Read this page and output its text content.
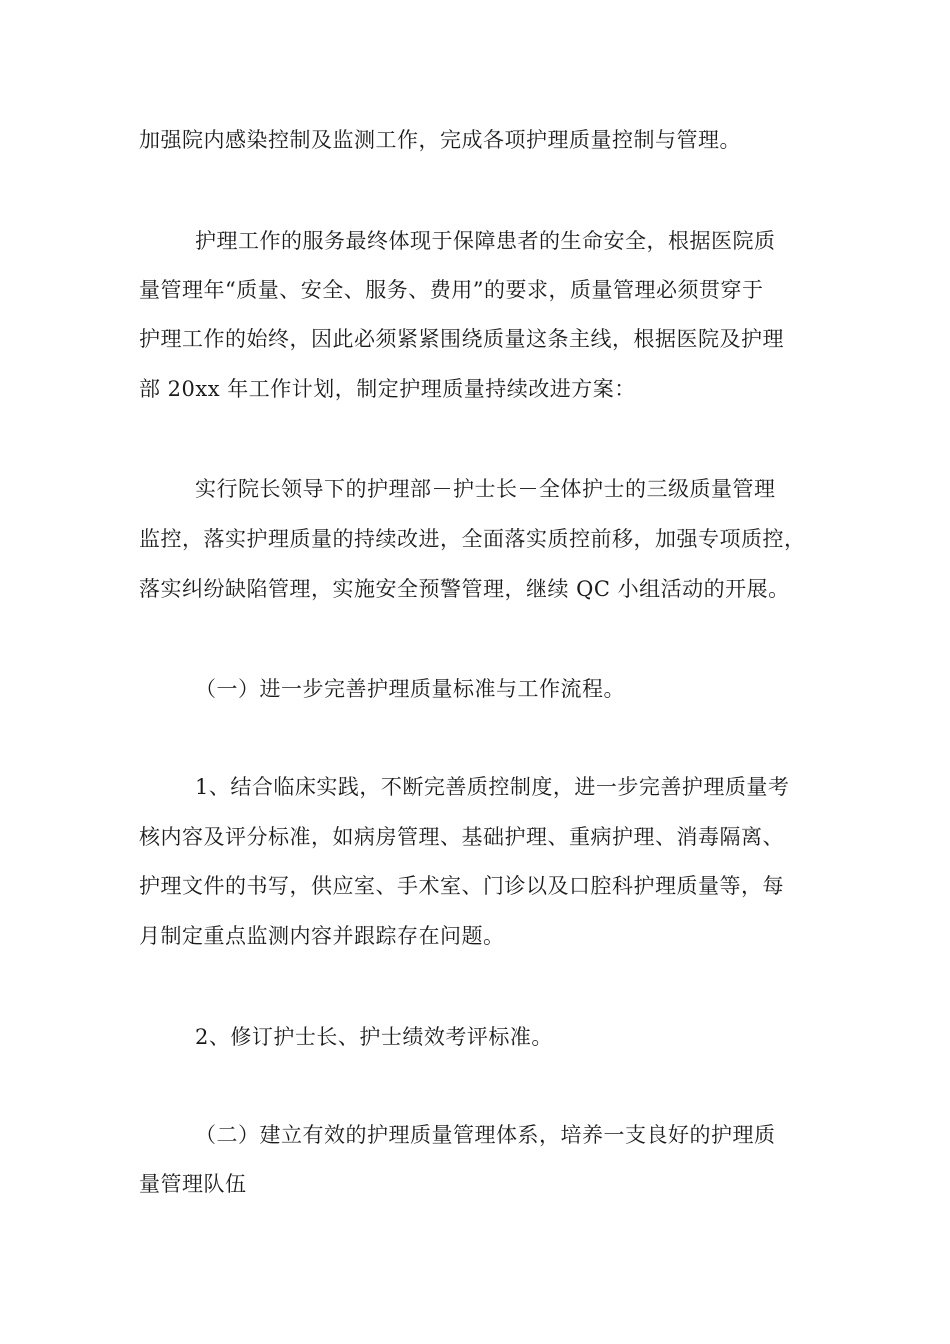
加强院内感染控制及监测工作，完成各项护理质量控制与管理。
护理工作的服务最终体现于保障患者的生命安全，根据医院质
量管理年“质量、安全、服务、费用”的要求，质量管理必须贯穿于
护理工作的始终，因此必须紧紧围绕质量这条主线，根据医院及护理
部 20xx 年工作计划，制定护理质量持续改进方案：
实行院长领导下的护理部－护士长－全体护士的三级质量管理
监控，落实护理质量的持续改进，全面落实质控前移，加强专项质控，
落实纠纷缺陷管理，实施安全预警管理，继续 QC 小组活动的开展。
（一）进一步完善护理质量标准与工作流程。
1、结合临床实践，不断完善质控制度，进一步完善护理质量考
核内容及评分标准，如病房管理、基础护理、重病护理、消毒隔离、
护理文件的书写，供应室、手术室、门诊以及口腔科护理质量等，每
月制定重点监测内容并跟踪存在问题。
2、修订护士长、护士绩效考评标准。
（二）建立有效的护理质量管理体系，培养一支良好的护理质
量管理队伍
